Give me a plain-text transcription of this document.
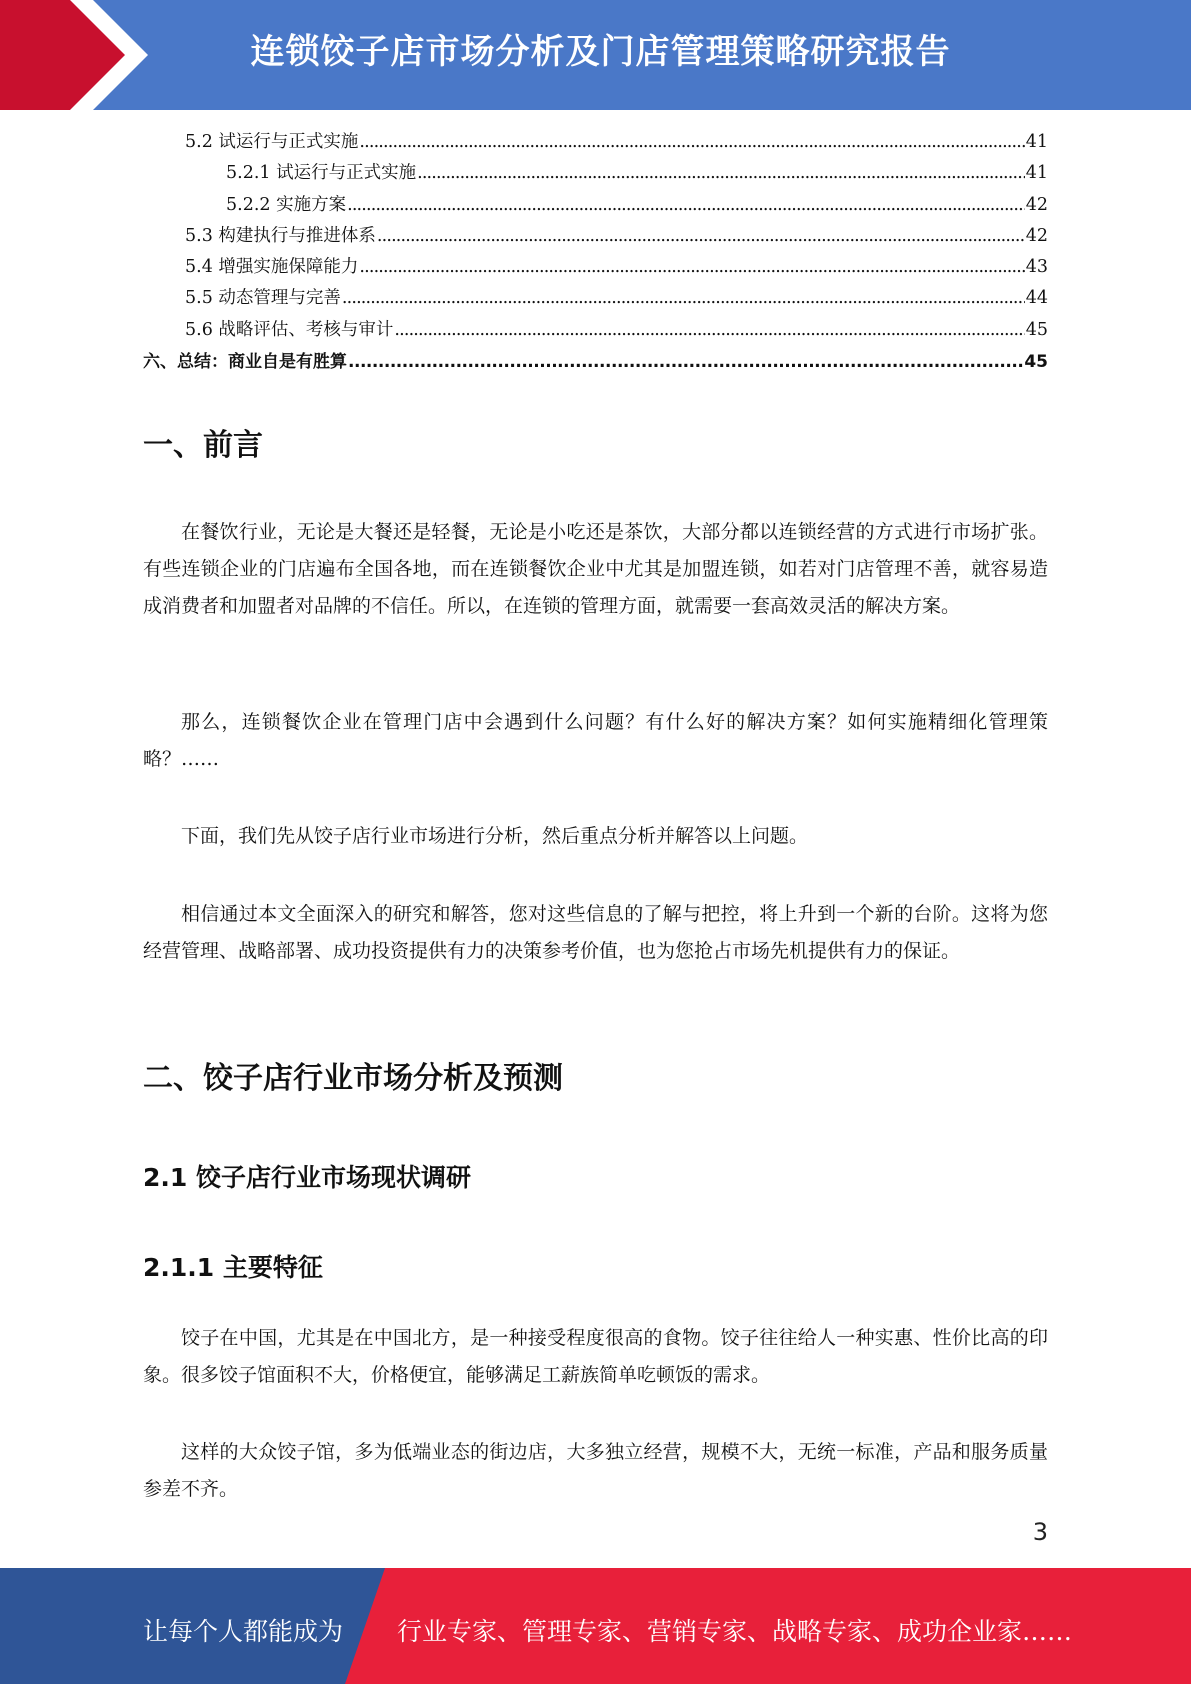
连锁饺子店市场分析及门店管理策略研究报告
5.2 试运行与正式实施 . . .	41
5.2.1 试运行与正式实施 . . .	41
5.2.2 实施方案 . . .	42
5.3 构建执行与推进体系 . . .	42
5.4 增强实施保障能力 . . .	43
5.5 动态管理与完善 . . .	44
5.6 战略评估、考核与审计 . . .	45
六、总结：商业自是有胜算 . . .	45
一、前言

在餐饮行业，无论是大餐还是轻餐，无论是小吃还是茶饮，大部分都以连锁经营的方式进行市场扩张。有些连锁企业的门店遍布全国各地，而在连锁餐饮企业中尤其是加盟连锁，如若对门店管理不善，就容易造成消费者和加盟者对品牌的不信任。所以，在连锁的管理方面，就需要一套高效灵活的解决方案。

那么，连锁餐饮企业在管理门店中会遇到什么问题？有什么好的解决方案？如何实施精细化管理策略？……

下面，我们先从饺子店行业市场进行分析，然后重点分析并解答以上问题。

相信通过本文全面深入的研究和解答，您对这些信息的了解与把控，将上升到一个新的台阶。这将为您经营管理、战略部署、成功投资提供有力的决策参考价值，也为您抢占市场先机提供有力的保证。

二、饺子店行业市场分析及预测
2.1 饺子店行业市场现状调研
2.1.1 主要特征

饺子在中国，尤其是在中国北方，是一种接受程度很高的食物。饺子往往给人一种实惠、性价比高的印象。很多饺子馆面积不大，价格便宜，能够满足工薪族简单吃顿饭的需求。

这样的大众饺子馆，多为低端业态的街边店，大多独立经营，规模不大，无统一标准，产品和服务质量参差不齐。

3
让每个人都能成为 行业专家、管理专家、营销专家、战略专家、成功企业家……
